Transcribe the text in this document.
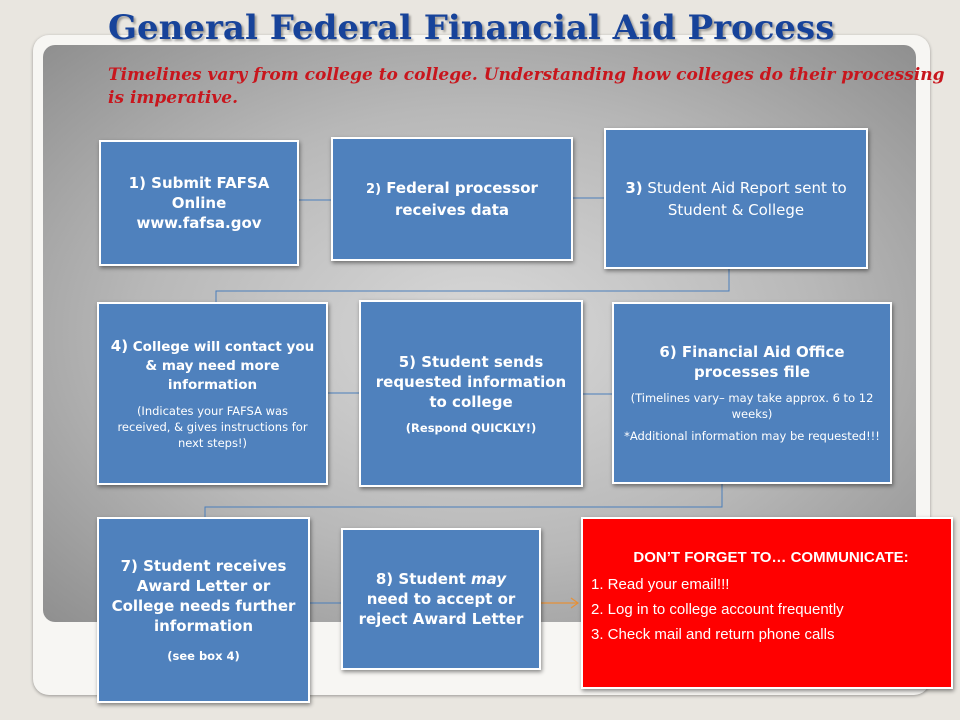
General Federal Financial Aid Process

Timelines vary from college to college. Understanding how colleges do their processing is imperative.

1) Submit FAFSA Online www.fafsa.gov
2) Federal processor receives data
3) Student Aid Report sent to Student & College
4) College will contact you & may need more information
(Indicates your FAFSA was received, & gives instructions for next steps!)
5) Student sends requested information to college
(Respond QUICKLY!)
6) Financial Aid Office processes file
(Timelines vary– may take approx. 6 to 12 weeks)
*Additional information may be requested!!!
7) Student receives Award Letter or College needs further information
(see box 4)
8) Student may need to accept or reject Award Letter
DON’T FORGET TO… COMMUNICATE:
1. Read your email!!!
2. Log in to college account frequently
3. Check mail and return phone calls
